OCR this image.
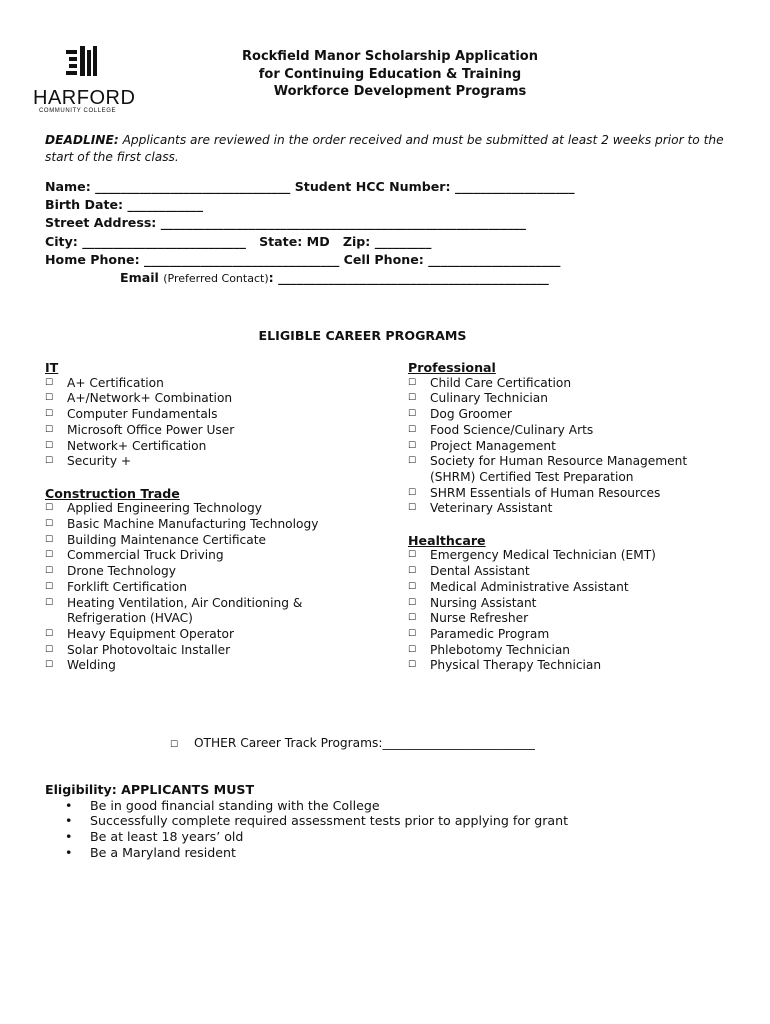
HARFORD
COMMUNITY COLLEGE
Rockfield Manor Scholarship Application
for Continuing Education & Training
Workforce Development Programs
DEADLINE: Applicants are reviewed in the order received and must be submitted at least 2 weeks prior to the start of the first class.
Name: _______________________________ Student HCC Number: ___________________
Birth Date: ____________
Street Address: __________________________________________________________
City: __________________________ State: MD Zip: _________
Home Phone: _______________________________ Cell Phone: _____________________
Email (Preferred Contact): ___________________________________________
ELIGIBLE CAREER PROGRAMS
IT
☐	A+ Certification
☐	A+/Network+ Combination
☐	Computer Fundamentals
☐	Microsoft Office Power User
☐	Network+ Certification
☐	Security +
Construction Trade
☐	Applied Engineering Technology
☐	Basic Machine Manufacturing Technology
☐	Building Maintenance Certificate
☐	Commercial Truck Driving
☐	Drone Technology
☐	Forklift Certification
☐	Heating Ventilation, Air Conditioning &
Refrigeration (HVAC)
☐	Heavy Equipment Operator
☐	Solar Photovoltaic Installer
☐	Welding
Professional
☐	Child Care Certification
☐	Culinary Technician
☐	Dog Groomer
☐	Food Science/Culinary Arts
☐	Project Management
☐	Society for Human Resource Management
(SHRM) Certified Test Preparation
☐	SHRM Essentials of Human Resources
☐	Veterinary Assistant
Healthcare
☐	Emergency Medical Technician (EMT)
☐	Dental Assistant
☐	Medical Administrative Assistant
☐	Nursing Assistant
☐	Nurse Refresher
☐	Paramedic Program
☐	Phlebotomy Technician
☐	Physical Therapy Technician
☐ OTHER Career Track Programs:_________________________
Eligibility: APPLICANTS MUST
•	Be in good financial standing with the College
•	Successfully complete required assessment tests prior to applying for grant
•	Be at least 18 years’ old
•	Be a Maryland resident
